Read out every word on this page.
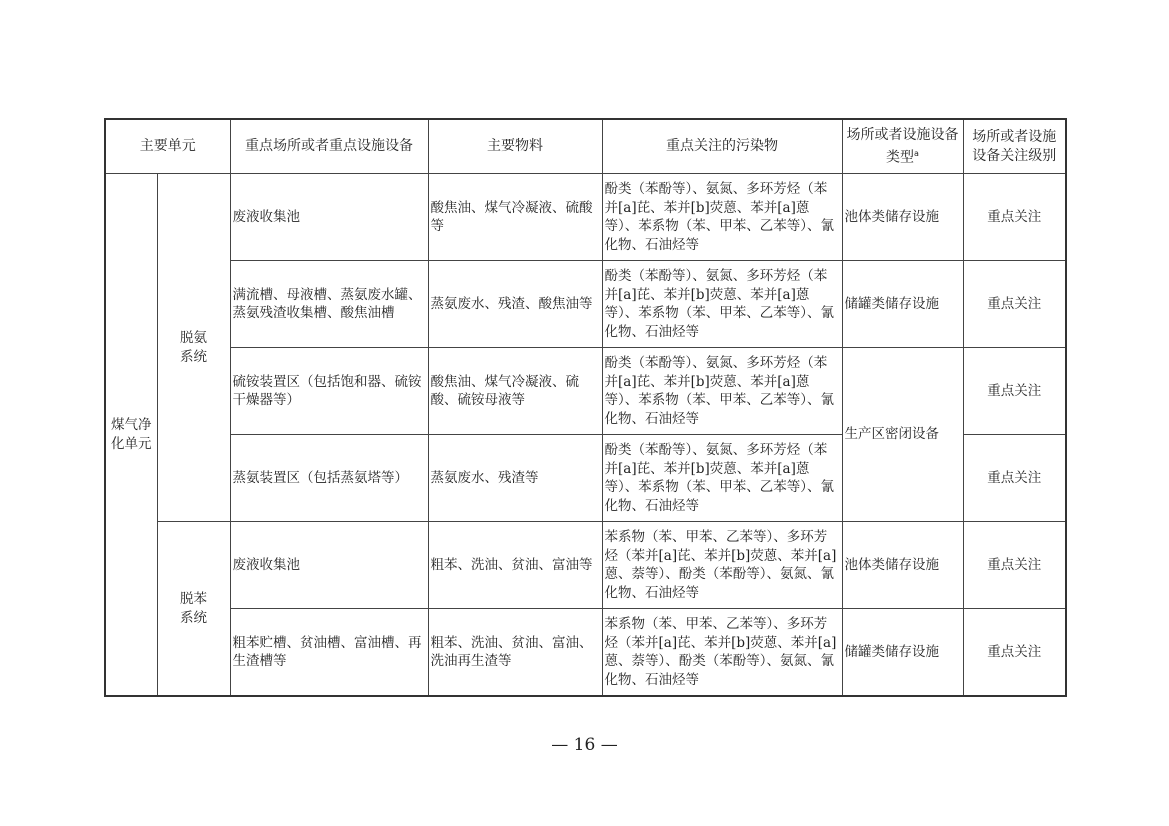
主要单元		重点场所或者重点设施设备	主要物料	重点关注的污染物	场所或者设施设备类型$^a$	场所或者设施设备关注级别
煤气净化单元	脱氨系统	废液收集池	酸焦油、煤气冷凝液、硫酸等	酚类（苯酚等）、氨氮、多环芳烃（苯并[a]芘、苯并[b]荧蒽、苯并[a]蒽等）、苯系物（苯、甲苯、乙苯等）、氰化物、石油烃等	池体类储存设施	重点关注
		满流槽、母液槽、蒸氨废水罐、蒸氨残渣收集槽、酸焦油槽	蒸氨废水、残渣、酸焦油等	酚类（苯酚等）、氨氮、多环芳烃（苯并[a]芘、苯并[b]荧蒽、苯并[a]蒽等）、苯系物（苯、甲苯、乙苯等）、氰化物、石油烃等	储罐类储存设施	重点关注
		硫铵装置区（包括饱和器、硫铵干燥器等）	酸焦油、煤气冷凝液、硫酸、硫铵母液等	酚类（苯酚等）、氨氮、多环芳烃（苯并[a]芘、苯并[b]荧蒽、苯并[a]蒽等）、苯系物（苯、甲苯、乙苯等）、氰化物、石油烃等	生产区密闭设备	重点关注
		蒸氨装置区（包括蒸氨塔等）	蒸氨废水、残渣等	酚类（苯酚等）、氨氮、多环芳烃（苯并[a]芘、苯并[b]荧蒽、苯并[a]蒽等）、苯系物（苯、甲苯、乙苯等）、氰化物、石油烃等		重点关注
	脱苯系统	废液收集池	粗苯、洗油、贫油、富油等	苯系物（苯、甲苯、乙苯等）、多环芳烃（苯并[a]芘、苯并[b]荧蒽、苯并[a]蒽、萘等）、酚类（苯酚等）、氨氮、氰化物、石油烃等	池体类储存设施	重点关注
		粗苯贮槽、贫油槽、富油槽、再生渣槽等	粗苯、洗油、贫油、富油、洗油再生渣等	苯系物（苯、甲苯、乙苯等）、多环芳烃（苯并[a]芘、苯并[b]荧蒽、苯并[a]蒽、萘等）、酚类（苯酚等）、氨氮、氰化物、石油烃等	储罐类储存设施	重点关注
— 16 —
